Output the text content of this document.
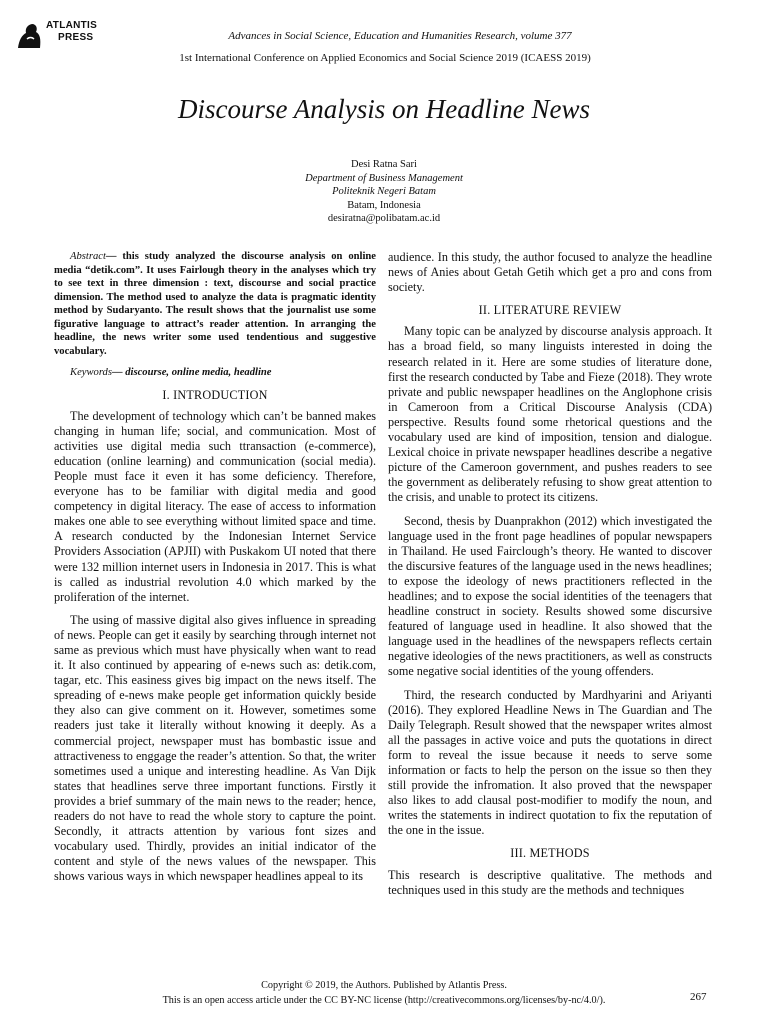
ATLANTIS
PRESS	Advances in Social Science, Education and Humanities Research, volume 377
1st International Conference on Applied Economics and Social Science 2019 (ICAESS 2019)
Discourse Analysis on Headline News
Desi Ratna Sari
Department of Business Management
Politeknik Negeri Batam
Batam, Indonesia
desiratna@polibatam.ac.id

Abstract— this study analyzed the discourse analysis on online media “detik.com”. It uses Fairlough theory in the analyses which try to see text in three dimension : text, discourse and social practice dimension. The method used to analyze the data is pragmatic identity method by Sudaryanto. The result shows that the journalist use some figurative language to attract’s reader attention. In arranging the headline, the news writer some used tendentious and suggestive vocabulary.

Keywords— discourse, online media, headline

I. INTRODUCTION

The development of technology which can’t be banned makes changing in human life; social, and communication. Most of activities use digital media such ttransaction (e-commerce), education (online learning) and communication (social media). People must face it even it has some deficiency. Therefore, everyone has to be familiar with digital media and good competency in digital literacy. The ease of access to information makes one able to see everything without limited space and time. A research conducted by the Indonesian Internet Service Providers Association (APJII) with Puskakom UI noted that there were 132 million internet users in Indonesia in 2017. This is what is called as industrial revolution 4.0 which marked by the proliferation of the internet.

The using of massive digital also gives influence in spreading of news. People can get it easily by searching through internet not same as previous which must have physically when want to read it. It also continued by appearing of e-news such as: detik.com, tagar, etc. This easiness gives big impact on the news itself. The spreading of e-news make people get information quickly beside they also can give comment on it. However, sometimes some readers just take it literally without knowing it deeply. As a commercial project, newspaper must has bombastic issue and attractiveness to enggage the reader’s attention. So that, the writer sometimes used a unique and interesting headline. As Van Dijk states that headlines serve three important functions. Firstly it provides a brief summary of the main news to the reader; hence, readers do not have to read the whole story to capture the point. Secondly, it attracts attention by various font sizes and vocabulary used. Thirdly, provides an initial indicator of the content and style of the news values of the newspaper. This shows various ways in which newspaper headlines appeal to its

audience. In this study, the author focused to analyze the headline news of Anies about Getah Getih which get a pro and cons from society.

II. LITERATURE REVIEW

Many topic can be analyzed by discourse analysis approach. It has a broad field, so many linguists interested in doing the research related in it. Here are some studies of literature done, first the research conducted by Tabe and Fieze (2018). They wrote private and public newspaper headlines on the Anglophone crisis in Cameroon from a Critical Discourse Analysis (CDA) perspective. Results found some rhetorical questions and the vocabulary used are kind of imposition, tension and dialogue. Lexical choice in private newspaper headlines describe a negative picture of the Cameroon government, and pushes readers to see the government as deliberately refusing to show great attention to the crisis, and unable to protect its citizens.

Second, thesis by Duanprakhon (2012) which investigated the language used in the front page headlines of popular newspapers in Thailand. He used Fairclough’s theory. He wanted to discover the discursive features of the language used in the news headlines; to expose the ideology of news practitioners reflected in the headlines; and to expose the social identities of the teenagers that headline construct in society. Results showed some discursive featured of language used in headline. It also showed that the language used in the headlines of the newspapers reflects certain negative ideologies of the news practitioners, as well as constructs some negative social identities of the young offenders.

Third, the research conducted by Mardhyarini and Ariyanti (2016). They explored Headline News in The Guardian and The Daily Telegraph. Result showed that the newspaper writes almost all the passages in active voice and puts the quotations in direct form to reveal the issue because it needs to serve some information or facts to help the person on the issue so then they still provide the infromation. It also proved that the newspaper also likes to add clausal post-modifier to modify the noun, and writes the statements in indirect quotation to fix the reputation of the one in the issue.

III. METHODS

This research is descriptive qualitative. The methods and techniques used in this study are the methods and techniques

Copyright © 2019, the Authors. Published by Atlantis Press.
This is an open access article under the CC BY-NC license (http://creativecommons.org/licenses/by-nc/4.0/).	267
